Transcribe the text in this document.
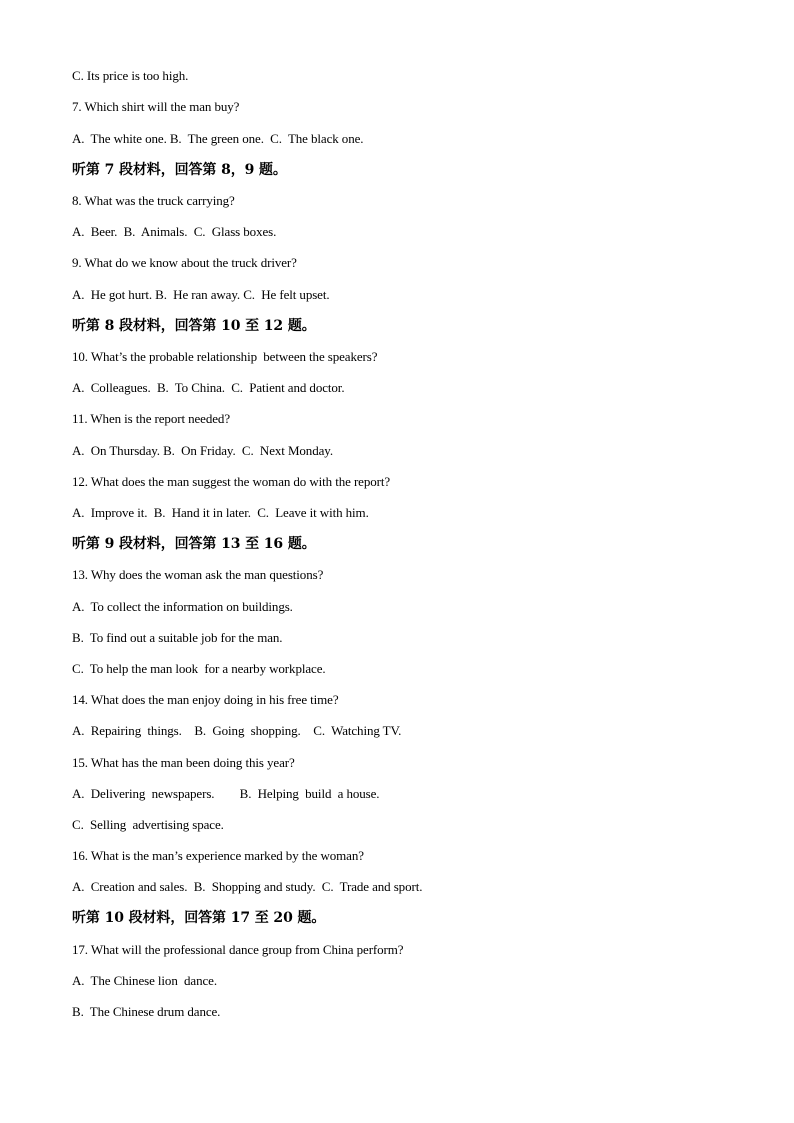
C. Its price is too high.
7. Which shirt will the man buy?
A.  The white one. B.  The green one.  C.  The black one.
听第 7 段材料，回答第 8，9 题。
8. What was the truck carrying?
A.  Beer.  B.  Animals.  C.  Glass boxes.
9. What do we know about the truck driver?
A.  He got hurt. B.  He ran away. C.  He felt upset.
听第 8 段材料，回答第 10 至 12 题。
10. What’s the probable relationship  between the speakers?
A.  Colleagues.  B.  To China.  C.  Patient and doctor.
11. When is the report needed?
A.  On Thursday. B.  On Friday.  C.  Next Monday.
12. What does the man suggest the woman do with the report?
A.  Improve it.  B.  Hand it in later.  C.  Leave it with him.
听第 9 段材料，回答第 13 至 16 题。
13. Why does the woman ask the man questions?
A.  To collect the information on buildings.
B.  To find out a suitable job for the man.
C.  To help the man look  for a nearby workplace.
14. What does the man enjoy doing in his free time?
A.  Repairing  things.    B.  Going  shopping.    C.  Watching TV.
15. What has the man been doing this year?
A.  Delivering  newspapers.        B.  Helping  build  a house.
C.  Selling  advertising space.
16. What is the man’s experience marked by the woman?
A.  Creation and sales.  B.  Shopping and study.  C.  Trade and sport.
听第 10 段材料，回答第 17 至 20 题。
17. What will the professional dance group from China perform?
A.  The Chinese lion  dance.
B.  The Chinese drum dance.
